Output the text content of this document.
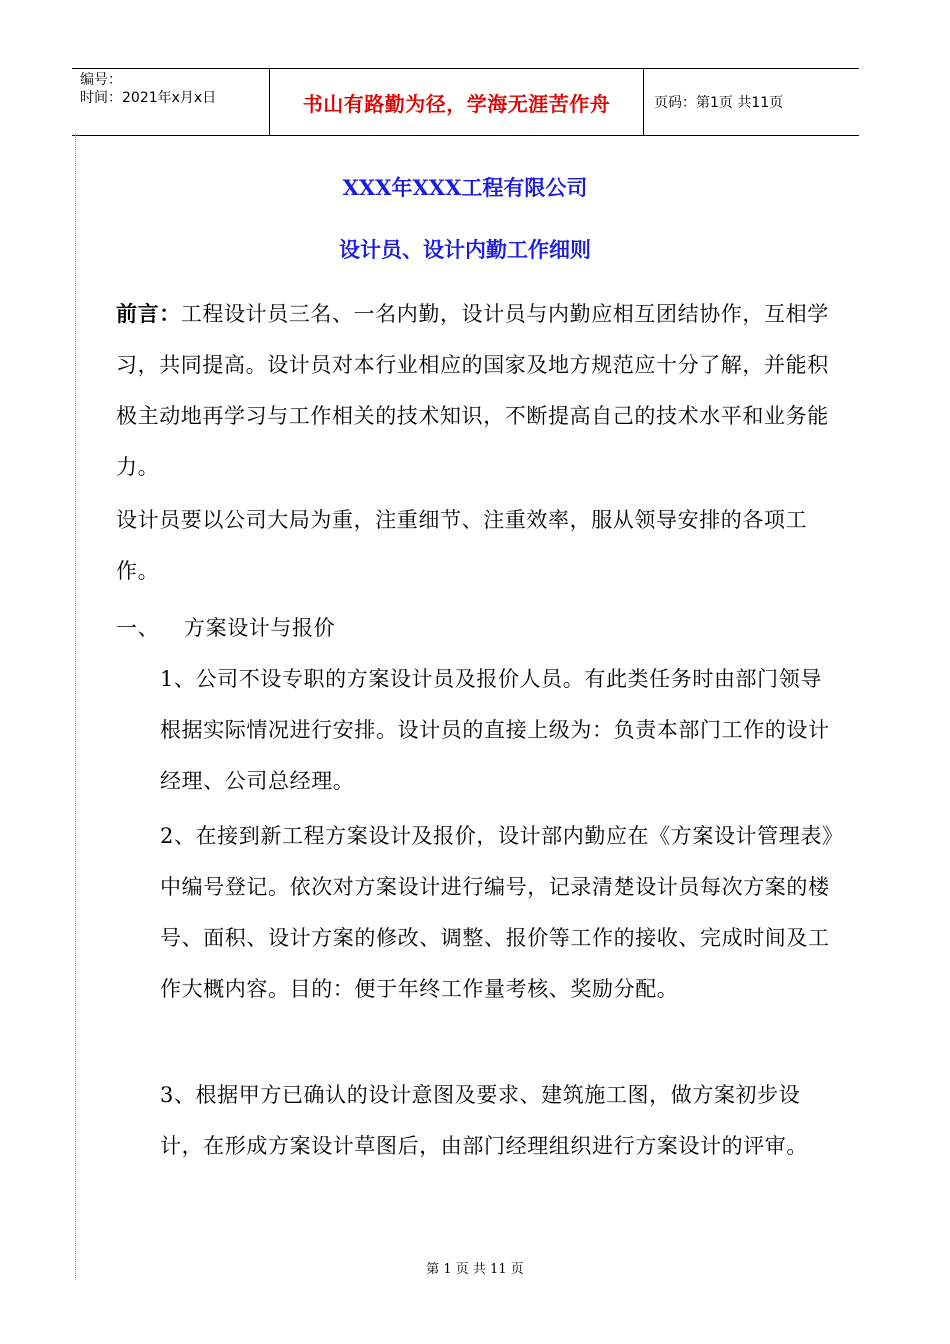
编号：
时间：2021年x月x日	书山有路勤为径，学海无涯苦作舟	页码：第1页 共11页
XXX年XXX工程有限公司
设计员、设计内勤工作细则
前言：工程设计员三名、一名内勤，设计员与内勤应相互团结协作，互相学习，共同提高。设计员对本行业相应的国家及地方规范应十分了解，并能积极主动地再学习与工作相关的技术知识，不断提高自己的技术水平和业务能力。
设计员要以公司大局为重，注重细节、注重效率，服从领导安排的各项工作。
一、 方案设计与报价
1、公司不设专职的方案设计员及报价人员。有此类任务时由部门领导根据实际情况进行安排。设计员的直接上级为：负责本部门工作的设计经理、公司总经理。
2、在接到新工程方案设计及报价，设计部内勤应在《方案设计管理表》中编号登记。依次对方案设计进行编号，记录清楚设计员每次方案的楼号、面积、设计方案的修改、调整、报价等工作的接收、完成时间及工作大概内容。目的：便于年终工作量考核、奖励分配。
3、根据甲方已确认的设计意图及要求、建筑施工图，做方案初步设计，在形成方案设计草图后，由部门经理组织进行方案设计的评审。
第 1 页 共 11 页
